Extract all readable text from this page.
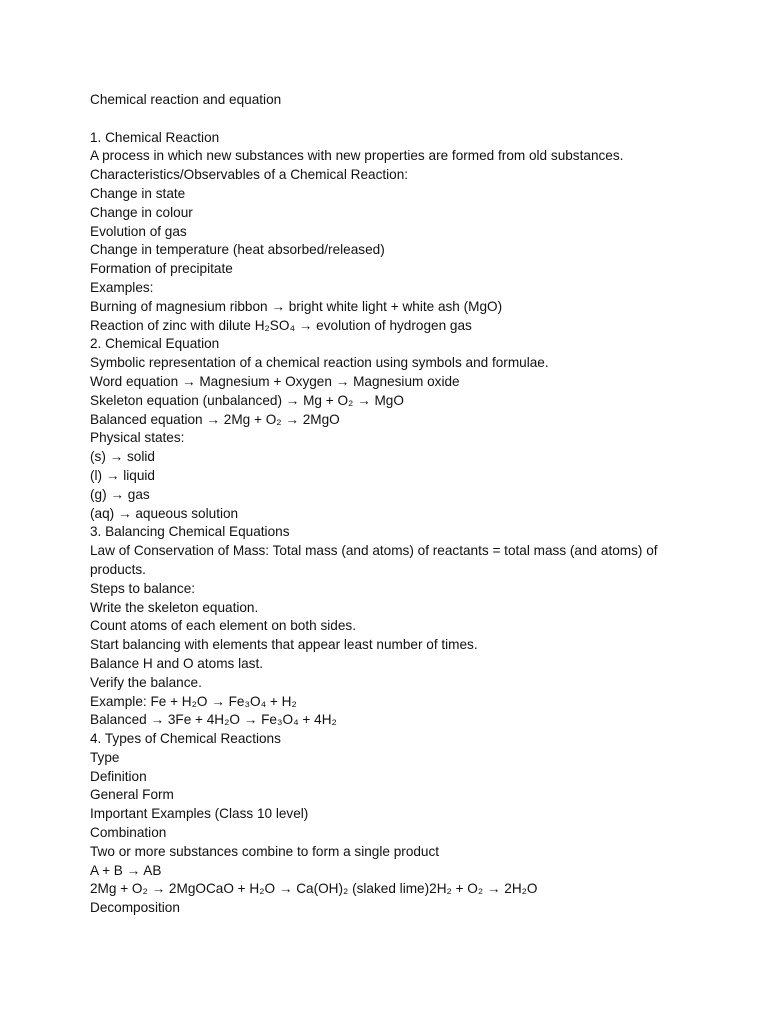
Chemical reaction and equation

1. Chemical Reaction

A process in which new substances with new properties are formed from old substances.

Characteristics/Observables of a Chemical Reaction:

Change in state

Change in colour

Evolution of gas

Change in temperature (heat absorbed/released)

Formation of precipitate

Examples:

Burning of magnesium ribbon → bright white light + white ash (MgO)

Reaction of zinc with dilute H₂SO₄ → evolution of hydrogen gas

2. Chemical Equation

Symbolic representation of a chemical reaction using symbols and formulae.

Word equation → Magnesium + Oxygen → Magnesium oxide

Skeleton equation (unbalanced) → Mg + O₂ → MgO

Balanced equation → 2Mg + O₂ → 2MgO

Physical states:

(s) → solid

(l) → liquid

(g) → gas

(aq) → aqueous solution

3. Balancing Chemical Equations

Law of Conservation of Mass: Total mass (and atoms) of reactants = total mass (and atoms) of products.

Steps to balance:

Write the skeleton equation.

Count atoms of each element on both sides.

Start balancing with elements that appear least number of times.

Balance H and O atoms last.

Verify the balance.

Example: Fe + H₂O → Fe₃O₄ + H₂

Balanced → 3Fe + 4H₂O → Fe₃O₄ + 4H₂

4. Types of Chemical Reactions

Type

Definition

General Form

Important Examples (Class 10 level)

Combination

Two or more substances combine to form a single product

A + B → AB

2Mg + O₂ → 2MgOCaO + H₂O → Ca(OH)₂ (slaked lime)2H₂ + O₂ → 2H₂O

Decomposition
